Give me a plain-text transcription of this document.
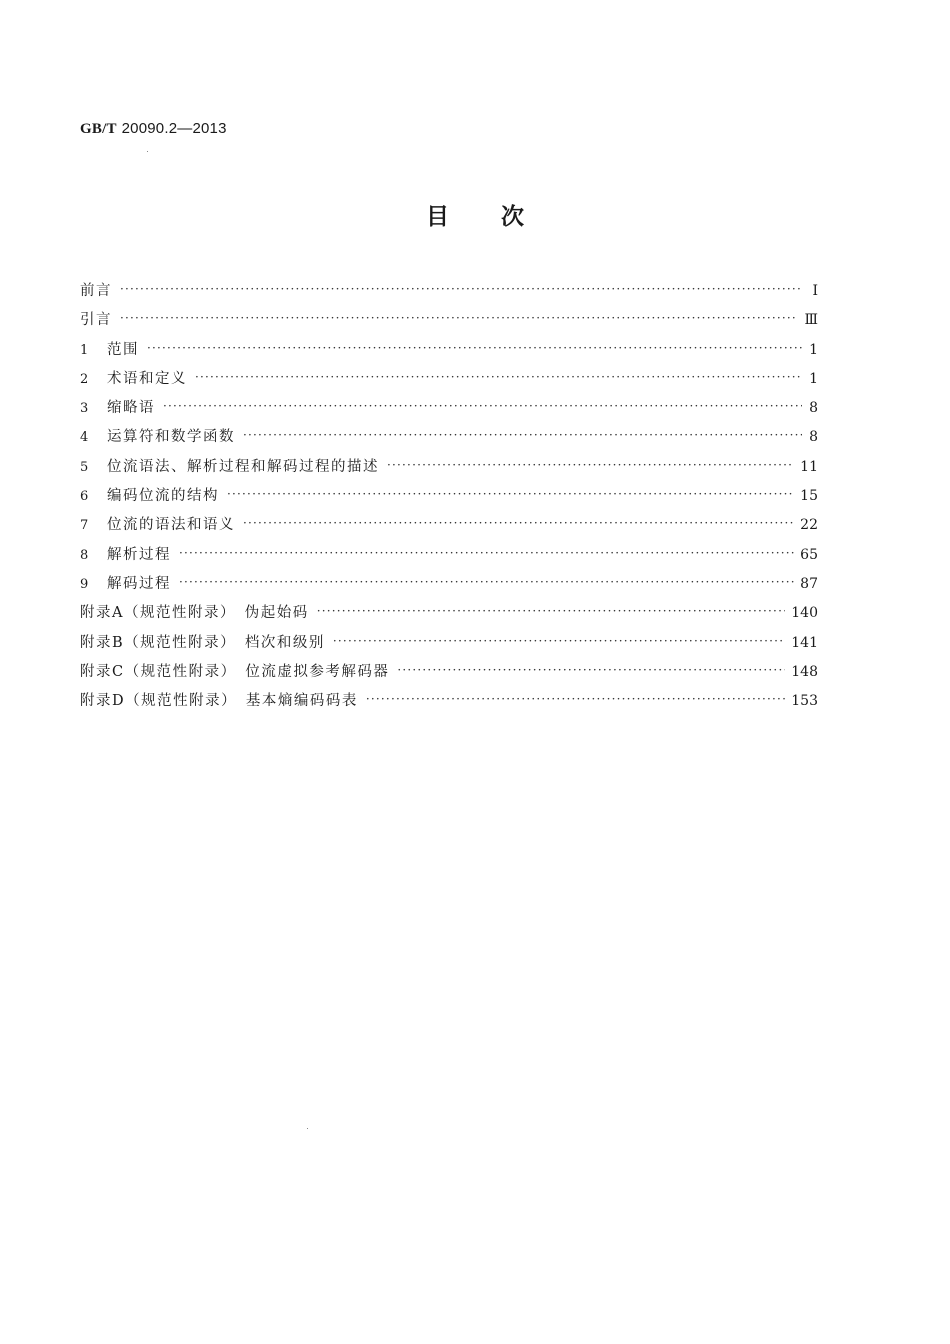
GB/T 20090.2—2013
目次
前言 ·····	Ⅰ
引言 ·····	Ⅲ
1	范围 ·····	1
2	术语和定义 ·····	1
3	缩略语 ·····	8
4	运算符和数学函数 ·····	8
5	位流语法、解析过程和解码过程的描述 ·····	11
6	编码位流的结构 ·····	15
7	位流的语法和语义 ·····	22
8	解析过程 ·····	65
9	解码过程 ·····	87
附录A（规范性附录）　伪起始码 ·····	140
附录B（规范性附录）　档次和级别 ·····	141
附录C（规范性附录）　位流虚拟参考解码器 ·····	148
附录D（规范性附录）　基本熵编码码表 ·····	153
